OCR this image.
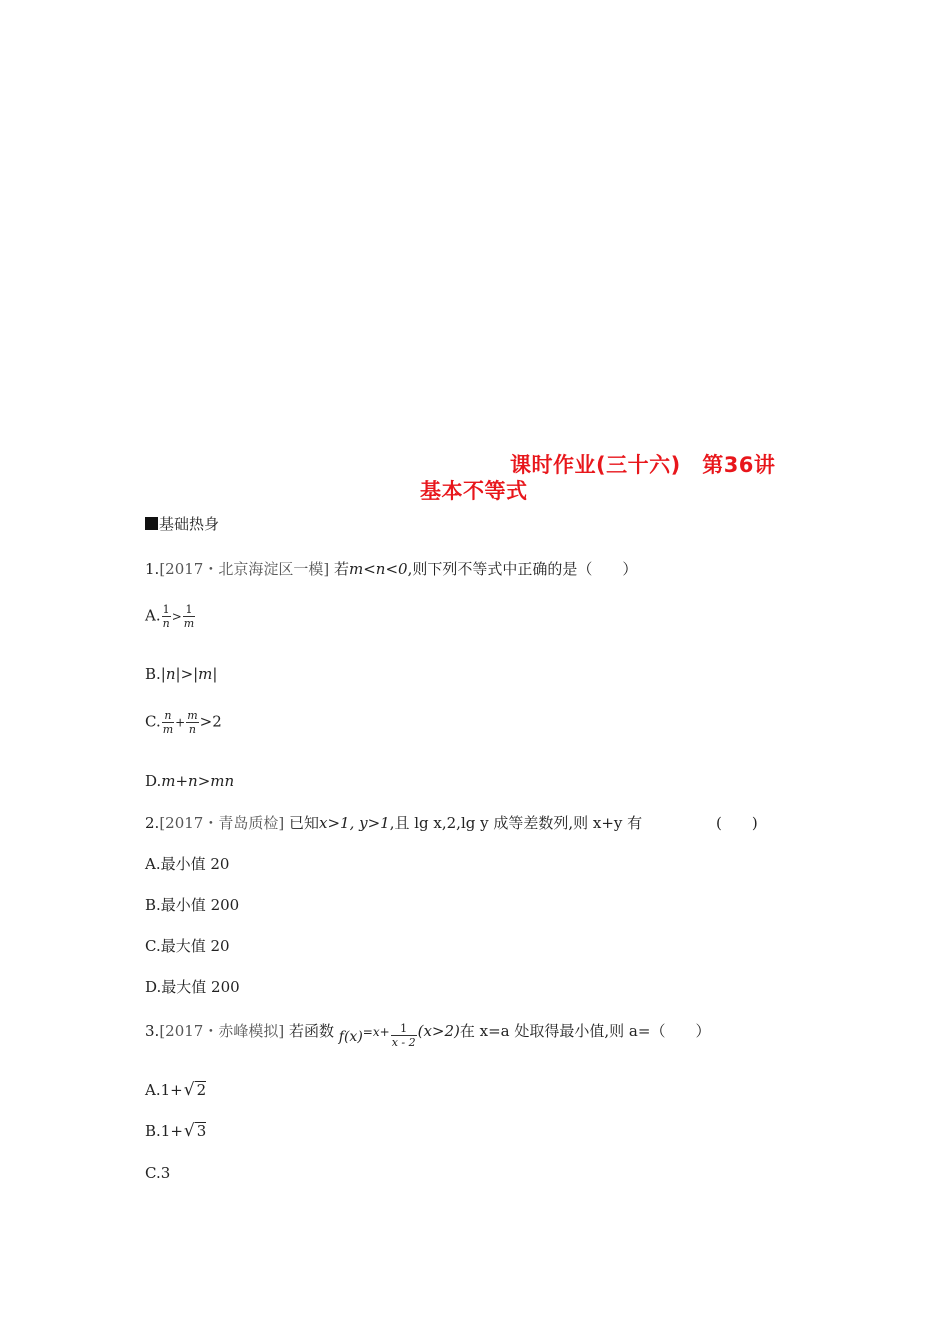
课时作业(三十六)　第36讲
基本不等式
基础热身
1.[2017・北京海淀区一模] 若m<n<0,则下列不等式中正确的是（　　）
A. $\frac{1}{n} > \frac{1}{m}$
B.|n|>|m|
C. $\frac{n}{m} + \frac{m}{n} >2$
D.m+n>mn
2.[2017・青岛质检] 已知x>1, y>1,且 lg x,2,lg y 成等差数列,则 x+y 有	(　　)
A.最小值 20
B.最小值 200
C.最大值 20
D.最大值 200
3.[2017・赤峰模拟] 若函数 $f(x)=x+ \frac{1}{x - 2} (x>2)$在 x=a 处取得最小值,则 a=（　　）
A.1+√ 2
B.1+√ 3
C.3
